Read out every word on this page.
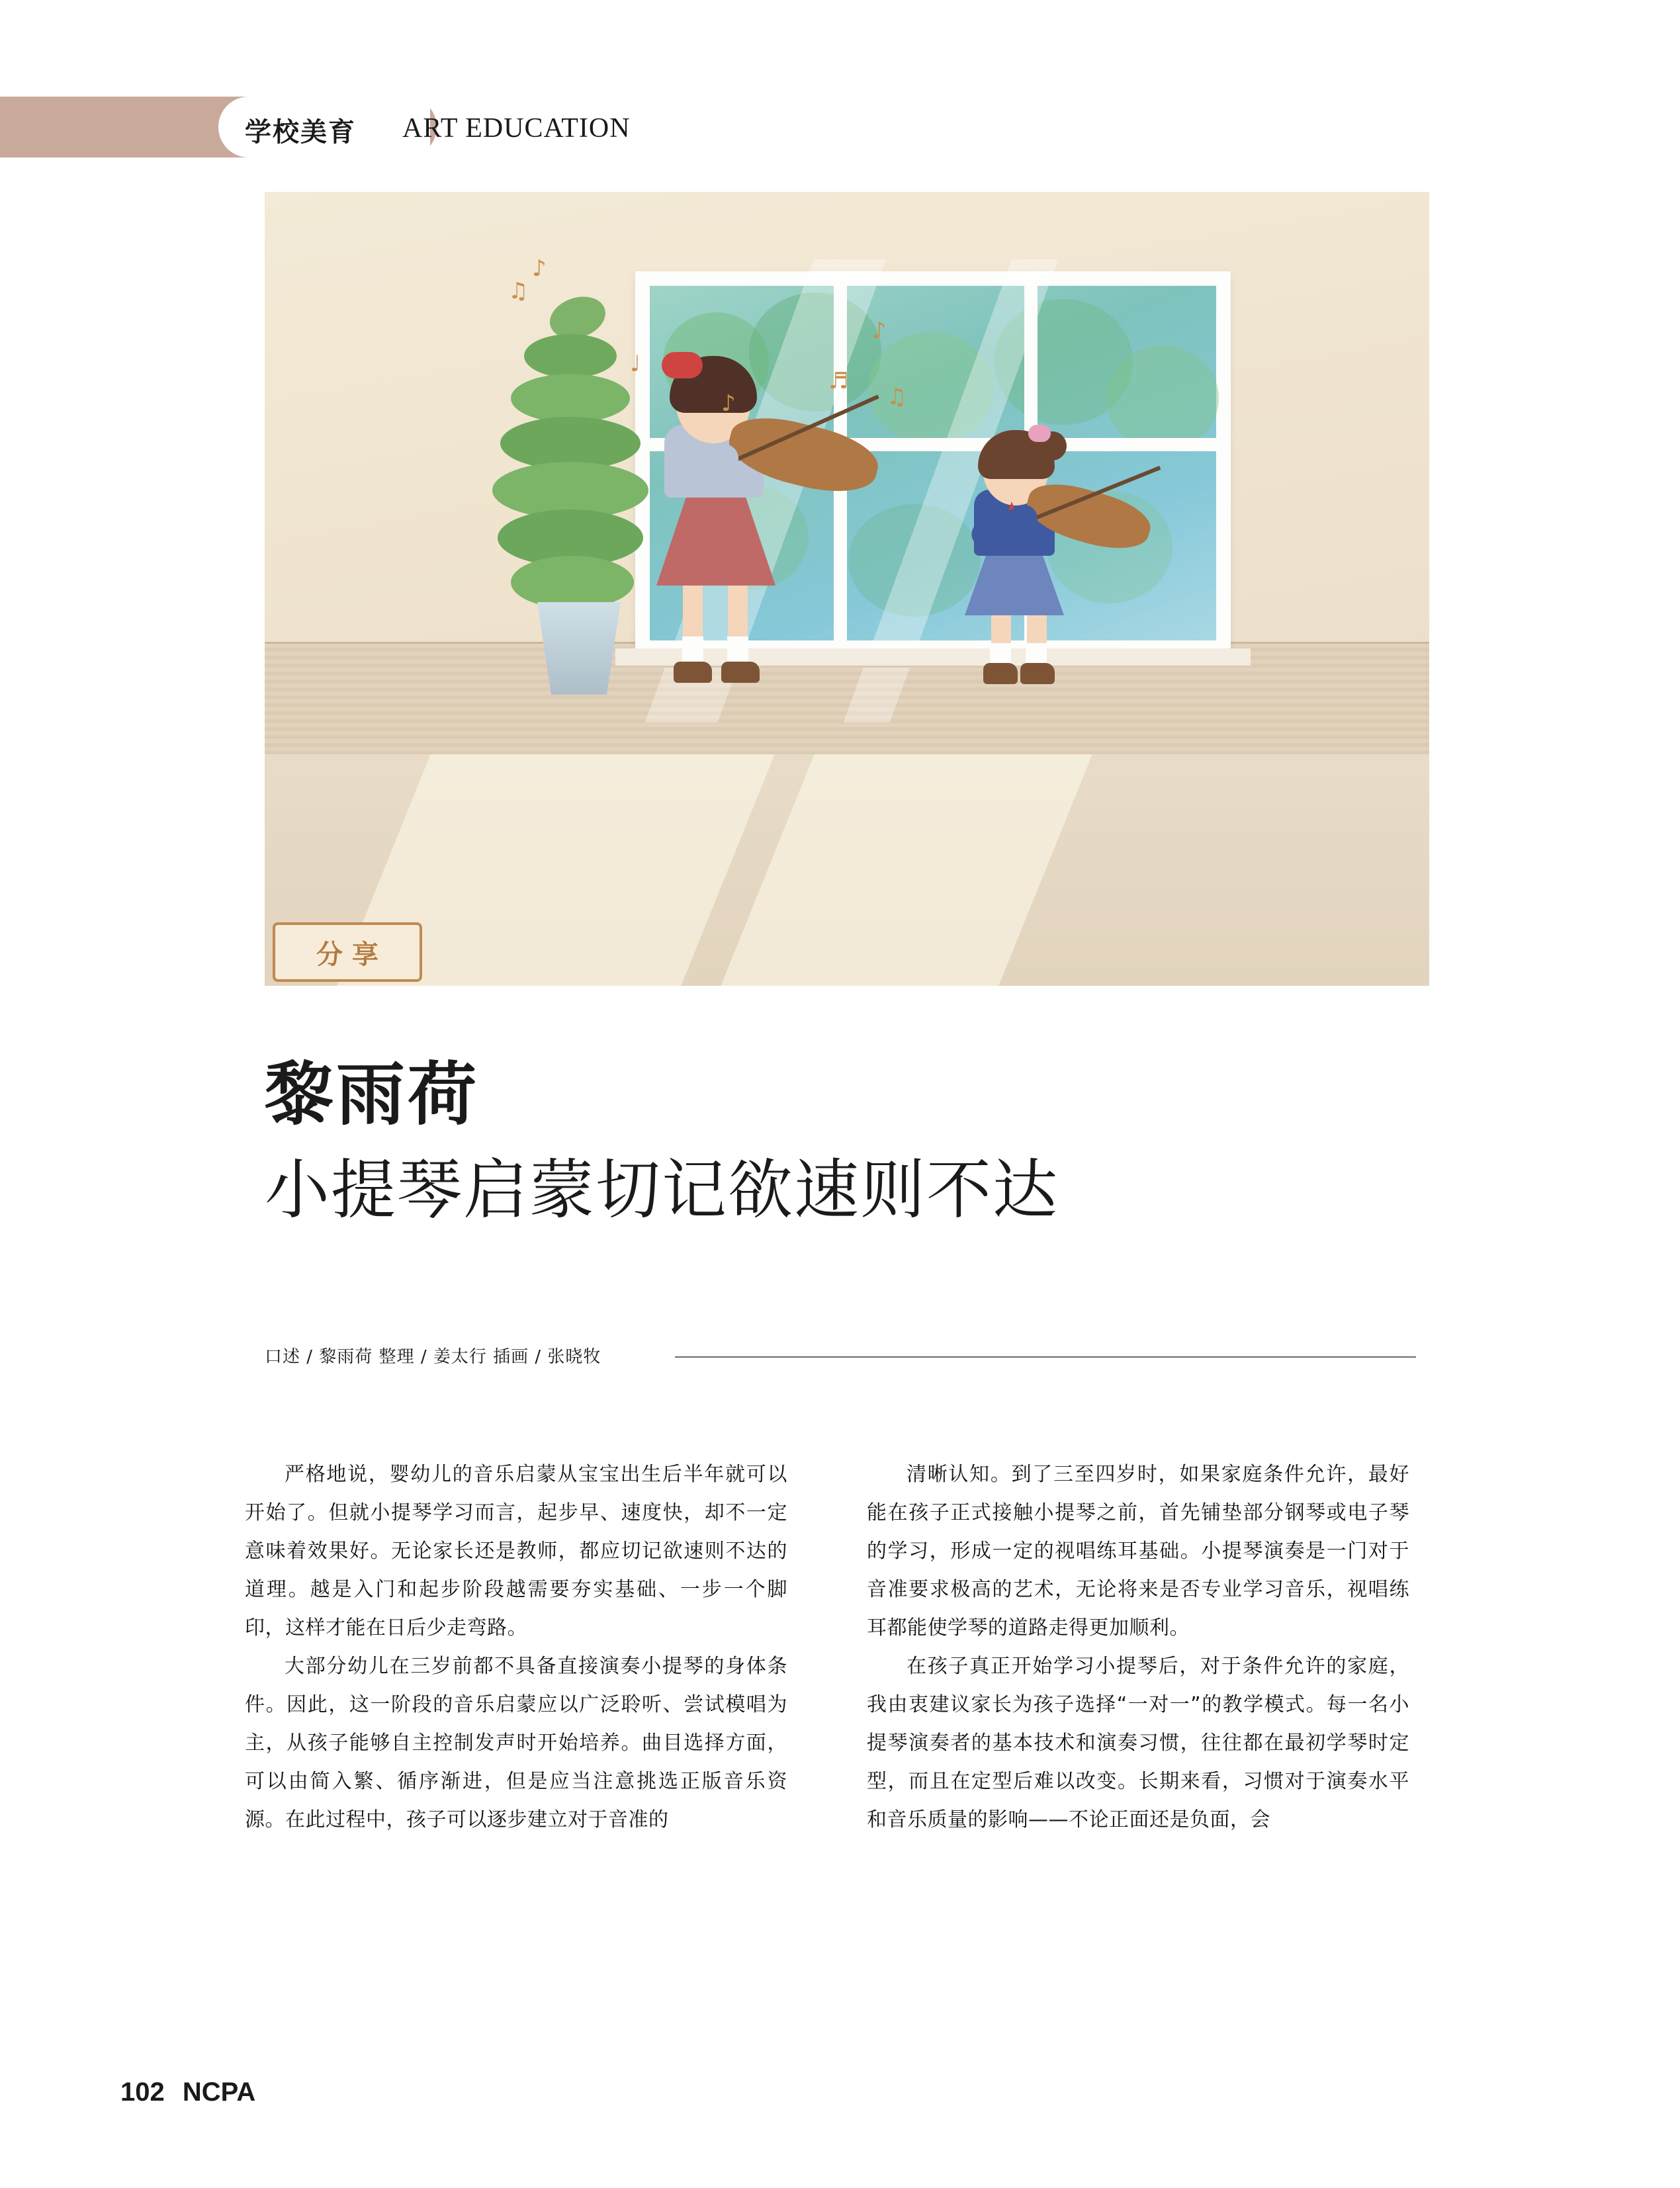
学校美育 ART EDUCATION
♪
♫
♩
♪
♬
♪
♫
分享
黎雨荷
小提琴启蒙切记欲速则不达
口述 / 黎雨荷 整理 / 姜太行 插画 / 张晓牧

严格地说，婴幼儿的音乐启蒙从宝宝出生后半年就可以开始了。但就小提琴学习而言，起步早、速度快，却不一定意味着效果好。无论家长还是教师，都应切记欲速则不达的道理。越是入门和起步阶段越需要夯实基础、一步一个脚印，这样才能在日后少走弯路。

大部分幼儿在三岁前都不具备直接演奏小提琴的身体条件。因此，这一阶段的音乐启蒙应以广泛聆听、尝试模唱为主，从孩子能够自主控制发声时开始培养。曲目选择方面，可以由简入繁、循序渐进，但是应当注意挑选正版音乐资源。在此过程中，孩子可以逐步建立对于音准的

清晰认知。到了三至四岁时，如果家庭条件允许，最好能在孩子正式接触小提琴之前，首先铺垫部分钢琴或电子琴的学习，形成一定的视唱练耳基础。小提琴演奏是一门对于音准要求极高的艺术，无论将来是否专业学习音乐，视唱练耳都能使学琴的道路走得更加顺利。

在孩子真正开始学习小提琴后，对于条件允许的家庭，我由衷建议家长为孩子选择“一对一”的教学模式。每一名小提琴演奏者的基本技术和演奏习惯，往往都在最初学琴时定型，而且在定型后难以改变。长期来看，习惯对于演奏水平和音乐质量的影响——不论正面还是负面，会

102 NCPA
